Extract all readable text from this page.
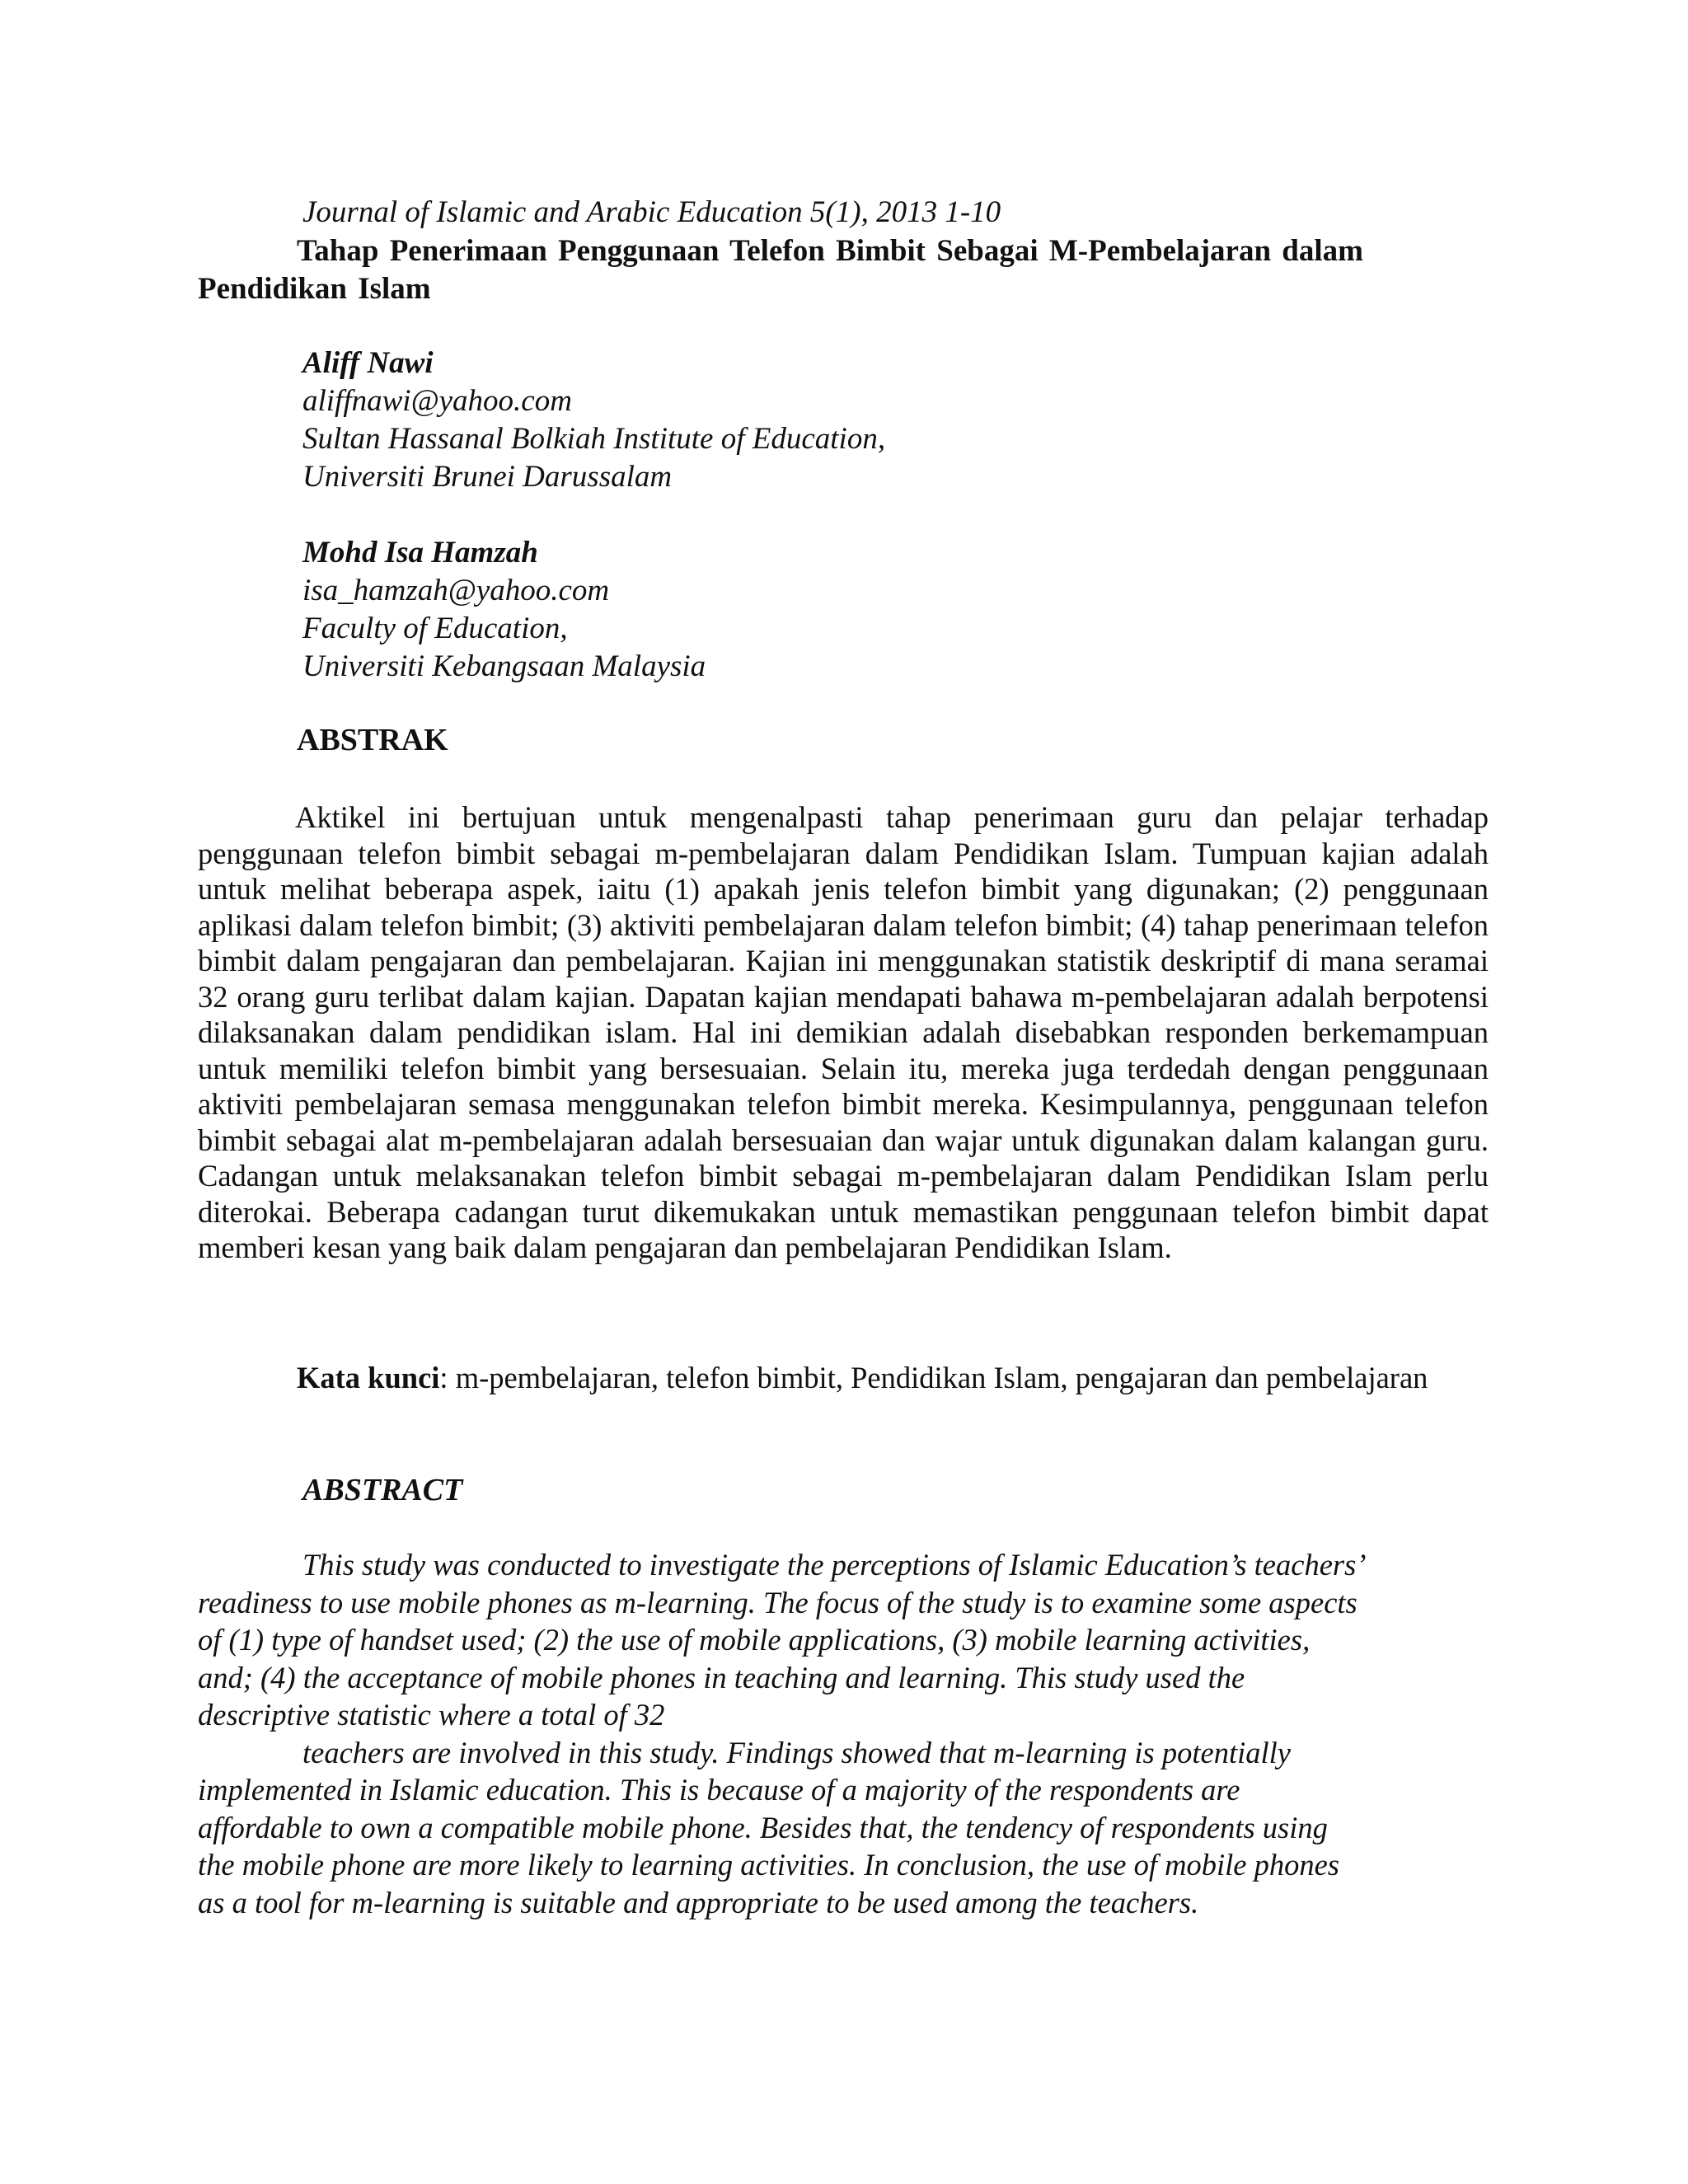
Journal of Islamic and Arabic Education 5(1), 2013 1-10
Tahap Penerimaan Penggunaan Telefon Bimbit Sebagai M-Pembelajaran dalam Pendidikan Islam
Aliff Nawi
aliffnawi@yahoo.com
Sultan Hassanal Bolkiah Institute of Education,
Universiti Brunei Darussalam
Mohd Isa Hamzah
isa_hamzah@yahoo.com
Faculty of Education,
Universiti Kebangsaan Malaysia
ABSTRAK
Aktikel ini bertujuan untuk mengenalpasti tahap penerimaan guru dan pelajar terhadap penggunaan telefon bimbit sebagai m-pembelajaran dalam Pendidikan Islam. Tumpuan kajian adalah untuk melihat beberapa aspek, iaitu (1) apakah jenis telefon bimbit yang digunakan; (2) penggunaan aplikasi dalam telefon bimbit; (3) aktiviti pembelajaran dalam telefon bimbit; (4) tahap penerimaan telefon bimbit dalam pengajaran dan pembelajaran. Kajian ini menggunakan statistik deskriptif di mana seramai 32 orang guru terlibat dalam kajian. Dapatan kajian mendapati bahawa m-pembelajaran adalah berpotensi dilaksanakan dalam pendidikan islam. Hal ini demikian adalah disebabkan responden berkemampuan untuk memiliki telefon bimbit yang bersesuaian. Selain itu, mereka juga terdedah dengan penggunaan aktiviti pembelajaran semasa menggunakan telefon bimbit mereka. Kesimpulannya, penggunaan telefon bimbit sebagai alat m-pembelajaran adalah bersesuaian dan wajar untuk digunakan dalam kalangan guru. Cadangan untuk melaksanakan telefon bimbit sebagai m-pembelajaran dalam Pendidikan Islam perlu diterokai. Beberapa cadangan turut dikemukakan untuk memastikan penggunaan telefon bimbit dapat memberi kesan yang baik dalam pengajaran dan pembelajaran Pendidikan Islam.
Kata kunci: m-pembelajaran, telefon bimbit, Pendidikan Islam, pengajaran dan pembelajaran
ABSTRACT
This study was conducted to investigate the perceptions of Islamic Education’s teachers’
readiness to use mobile phones as m-learning. The focus of the study is to examine some aspects
of (1) type of handset used; (2) the use of mobile applications, (3) mobile learning activities,
and; (4) the acceptance of mobile phones in teaching and learning. This study used the
descriptive statistic where a total of 32
teachers are involved in this study. Findings showed that m-learning is potentially
implemented in Islamic education. This is because of a majority of the respondents are
affordable to own a compatible mobile phone. Besides that, the tendency of respondents using
the mobile phone are more likely to learning activities. In conclusion, the use of mobile phones
as a tool for m-learning is suitable and appropriate to be used among the teachers.
